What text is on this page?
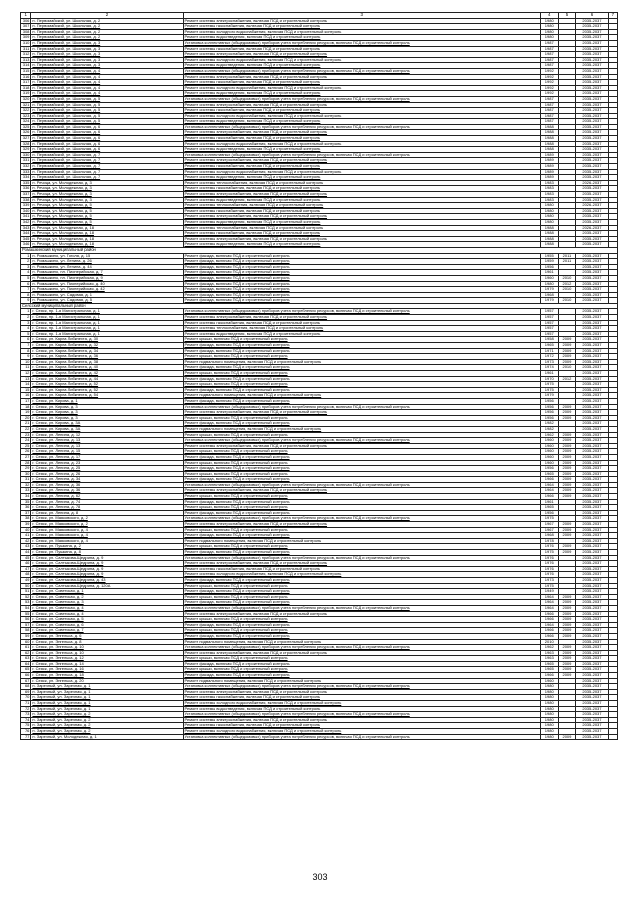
1	2	3	4	5	6	7
306	п. Первомайский, ул. Школьная, д. 2	Ремонт системы электроснабжения, включая ПСД и строительный контроль	1980		2035-2037	
307	п. Первомайский, ул. Школьная, д. 2	Ремонт системы газоснабжения, включая ПСД и строительный контроль	1980		2035-2037	
308	п. Первомайский, ул. Школьная, д. 2	Ремонт системы холодного водоснабжения, включая ПСД и строительный контроль	1980		2035-2037	
309	п. Первомайский, ул. Школьная, д. 2	Ремонт системы водоотведения, включая ПСД и строительный контроль	1980		2035-2037	
310	п. Первомайский, ул. Школьная, д. 3	Установка коллективных (общедомовых) приборов учета потребления ресурсов, включая ПСД и строительный контроль	1987		2035-2037	
311	п. Первомайский, ул. Школьная, д. 3	Ремонт системы газоснабжения, включая ПСД и строительный контроль	1987		2035-2037	
312	п. Первомайский, ул. Школьная, д. 3	Ремонт системы электроснабжения, включая ПСД и строительный контроль	1987		2035-2037	
313	п. Первомайский, ул. Школьная, д. 3	Ремонт системы холодного водоснабжения, включая ПСД и строительный контроль	1987		2035-2037	
314	п. Первомайский, ул. Школьная, д. 3	Ремонт системы водоотведения, включая ПСД и строительный контроль	1987		2035-2037	
315	п. Первомайский, ул. Школьная, д. 4	Установка коллективных (общедомовых) приборов учета потребления ресурсов, включая ПСД и строительный контроль	1992		2035-2037	
316	п. Первомайский, ул. Школьная, д. 4	Ремонт системы электроснабжения, включая ПСД и строительный контроль	1992		2035-2037	
317	п. Первомайский, ул. Школьная, д. 4	Ремонт системы газоснабжения, включая ПСД и строительный контроль	1992		2035-2037	
318	п. Первомайский, ул. Школьная, д. 4	Ремонт системы холодного водоснабжения, включая ПСД и строительный контроль	1992		2035-2037	
319	п. Первомайский, ул. Школьная, д. 4	Ремонт системы водоотведения, включая ПСД и строительный контроль	1992		2035-2037	
320	п. Первомайский, ул. Школьная, д. 5	Установка коллективных (общедомовых) приборов учета потребления ресурсов, включая ПСД и строительный контроль	1987		2035-2037	
321	п. Первомайский, ул. Школьная, д. 5	Ремонт системы электроснабжения, включая ПСД и строительный контроль	1987		2035-2037	
322	п. Первомайский, ул. Школьная, д. 5	Ремонт системы газоснабжения, включая ПСД и строительный контроль	1987		2035-2037	
323	п. Первомайский, ул. Школьная, д. 5	Ремонт системы холодного водоснабжения, включая ПСД и строительный контроль	1987		2035-2037	
324	п. Первомайский, ул. Школьная, д. 5	Ремонт системы водоотведения, включая ПСД и строительный контроль	1987		2035-2037	
325	п. Первомайский, ул. Школьная, д. 6	Установка коллективных (общедомовых) приборов учета потребления ресурсов, включая ПСД и строительный контроль	1988		2035-2037	
326	п. Первомайский, ул. Школьная, д. 6	Ремонт системы электроснабжения, включая ПСД и строительный контроль	1988		2035-2037	
327	п. Первомайский, ул. Школьная, д. 6	Ремонт системы газоснабжения, включая ПСД и строительный контроль	1988		2035-2037	
328	п. Первомайский, ул. Школьная, д. 6	Ремонт системы холодного водоснабжения, включая ПСД и строительный контроль	1988		2035-2037	
329	п. Первомайский, ул. Школьная, д. 6	Ремонт системы водоотведения, включая ПСД и строительный контроль	1988		2035-2037	
330	п. Первомайский, ул. Школьная, д. 7	Установка коллективных (общедомовых) приборов учета потребления ресурсов, включая ПСД и строительный контроль	1989		2035-2037	
331	п. Первомайский, ул. Школьная, д. 7	Ремонт системы электроснабжения, включая ПСД и строительный контроль	1989		2035-2037	
332	п. Первомайский, ул. Школьная, д. 7	Ремонт системы газоснабжения, включая ПСД и строительный контроль	1989		2035-2037	
333	п. Первомайский, ул. Школьная, д. 7	Ремонт системы холодного водоснабжения, включая ПСД и строительный контроль	1989		2035-2037	
334	п. Первомайский, ул. Школьная, д. 7	Ремонт системы водоотведения, включая ПСД и строительный контроль	1989		2035-2037	
335	п. Речица, ул. Молодежная, д. 3	Ремонт системы теплоснабжения, включая ПСД и строительный контроль	1983		2026-2037	
336	п. Речица, ул. Молодежная, д. 3	Ремонт системы газоснабжения, включая ПСД и строительный контроль	1983		2035-2037	
337	п. Речица, ул. Молодежная, д. 3	Ремонт системы электроснабжения, включая ПСД и строительный контроль	1983		2035-2037	
338	п. Речица, ул. Молодежная, д. 3	Ремонт системы водоотведения, включая ПСД и строительный контроль	1983		2035-2037	
339	п. Речица, ул. Молодежная, д. 5	Ремонт системы теплоснабжения, включая ПСД и строительный контроль	1980		2026-2037	
340	п. Речица, ул. Молодежная, д. 5	Ремонт системы газоснабжения, включая ПСД и строительный контроль	1980		2035-2037	
341	п. Речица, ул. Молодежная, д. 5	Ремонт системы электроснабжения, включая ПСД и строительный контроль	1980		2035-2037	
342	п. Речица, ул. Молодежная, д. 5	Ремонт системы водоотведения, включая ПСД и строительный контроль	1980		2035-2037	
343	п. Речица, ул. Молодежная, д. 18	Ремонт системы теплоснабжения, включая ПСД и строительный контроль	1988		2026-2037	
344	п. Речица, ул. Молодежная, д. 18	Ремонт системы газоснабжения, включая ПСД и строительный контроль	1988		2035-2037	
345	п. Речица, ул. Молодежная, д. 18	Ремонт системы электроснабжения, включая ПСД и строительный контроль	1988		2035-2037	
346	п. Речица, ул. Молодежная, д. 18	Ремонт системы водоотведения, включая ПСД и строительный контроль	1988		2035-2037	
Ромашкинский муниципальный район						
1	п. Ромашкино, ул. Гоголя, д. 15	Ремонт фасада, включая ПСД и строительный контроль	1955	2011	2035-2037	
2	п. Ромашкино, ул. Ленина, д. 26	Ремонт фасада, включая ПСД и строительный контроль	1959	2011	2035-2037	
3	п. Ромашкино, ул. Ленина, д. 44	Ремонт фасада, включая ПСД и строительный контроль	1956		2035-2037	
4	п. Ромашкино, пл. Пионерийская, д. 7	Ремонт фасада, включая ПСД и строительный контроль	1961		2035-2037	
5	п. Ромашкино, пл. Пионерийская, д. 9	Ремонт фасада, включая ПСД и строительный контроль	1960	2010	2035-2037	
6	п. Ромашкино, ул. Пионерийская, д. 40	Ремонт фасада, включая ПСД и строительный контроль	1980	2012	2035-2037	
7	п. Ромашкино, ул. Пионерийская, д. 42	Ремонт фасада, включая ПСД и строительный контроль	1979	2010	2035-2037	
8	п. Ромашкино, ул. Садовая, д. 1	Ремонт фасада, включая ПСД и строительный контроль	1968		2035-2037	
9	п. Ромашкино, ул. Садовая, д. 5	Ремонт фасада, включая ПСД и строительный контроль	1979	2010	2035-2037	
Сеясский муниципальный район						
1	г. Сеяск, пр. 1-я Магистральная, д. 1	Установка коллективных (общедомовых) приборов учета потребления ресурсов, включая ПСД и строительный контроль	1957		2035-2037	
2	г. Сеяск, пр. 1-я Магистральная, д. 1	Ремонт системы электроснабжения, включая ПСД и строительный контроль	1957		2035-2037	
3	г. Сеяск, пр. 1-я Магистральная, д. 1	Ремонт системы газоснабжения, включая ПСД и строительный контроль	1957		2035-2037	
4	г. Сеяск, пр. 1-я Магистральная, д. 1	Ремонт системы теплоснабжения, включая ПСД и строительный контроль	1957		2035-2037	
5	г. Сеяск, пр. 1-я Магистральная, д. 1	Ремонт системы водоотведения, включая ПСД и строительный контроль	1957		2035-2037	
6	г. Сеяск, ул. Карла Либкнехта, д. 30	Ремонт крыши, включая ПСД и строительный контроль	1958	2009	2035-2037	
7	г. Сеяск, ул. Карла Либкнехта, д. 32	Ремонт фасада, включая ПСД и строительный контроль	1965	2009	2035-2037	
8	г. Сеяск, ул. Карла Либкнехта, д. 34	Ремонт фасада, включая ПСД и строительный контроль	1971	2009	2035-2037	
9	г. Сеяск, ул. Карла Либкнехта, д. 36	Ремонт крыши, включая ПСД и строительный контроль	1972	2009	2035-2037	
10	г. Сеяск, ул. Карла Либкнехта, д. 38	Ремонт подвального помещения, включая ПСД и строительный контроль	1973	2009	2035-2037	
11	г. Сеяск, ул. Карла Либкнехта, д. 40	Ремонт фасада, включая ПСД и строительный контроль	1974	2010	2035-2037	
12	г. Сеяск, ул. Карла Либкнехта, д. 42	Ремонт крыши, включая ПСД и строительный контроль	1961		2035-2037	
13	г. Сеяск, ул. Карла Либкнехта, д. 44	Ремонт фасада, включая ПСД и строительный контроль	1970	2012	2035-2037	
14	г. Сеяск, ул. Карла Либкнехта, д. 52	Ремонт крыши, включая ПСД и строительный контроль	1975		2035-2037	
15	г. Сеяск, ул. Карла Либкнехта, д. 52	Ремонт фасада, включая ПСД и строительный контроль	1975		2035-2037	
16	г. Сеяск, ул. Карла Либкнехта, д. 54	Ремонт подвального помещения, включая ПСД и строительный контроль	1979		2035-2037	
17	г. Сеяск, ул. Кирова, д. 1	Ремонт фасада, включая ПСД и строительный контроль	1956		2035-2037	
18	г. Сеяск, ул. Кирова, д. 3	Установка коллективных (общедомовых) приборов учета потребления ресурсов, включая ПСД и строительный контроль	1956	2009	2035-2037	
19	г. Сеяск, ул. Кирова, д. 3	Ремонт системы электроснабжения, включая ПСД и строительный контроль	1956	2009	2035-2037	
20	г. Сеяск, ул. Кирова, д. 3	Ремонт крыши, включая ПСД и строительный контроль	1956	2009	2035-2037	
21	г. Сеяск, ул. Кирова, д. 3А	Ремонт фасада, включая ПСД и строительный контроль	1982		2035-2037	
22	г. Сеяск, ул. Кирова, д. 3А	Ремонт подвального помещения, включая ПСД и строительный контроль	1982		2035-2037	
23	г. Сеяск, ул. Ленина, д. 12	Ремонт крыши, включая ПСД и строительный контроль	1962	2009	2035-2037	
24	г. Сеяск, ул. Ленина, д. 13	Установка коллективных (общедомовых) приборов учета потребления ресурсов, включая ПСД и строительный контроль	1960	2009	2035-2037	
25	г. Сеяск, ул. Ленина, д. 13	Ремонт системы электроснабжения, включая ПСД и строительный контроль	1960	2009	2035-2037	
26	г. Сеяск, ул. Ленина, д. 15	Ремонт крыши, включая ПСД и строительный контроль	1960	2009	2035-2037	
27	г. Сеяск, ул. Ленина, д. 17	Ремонт фасада, включая ПСД и строительный контроль	1960	2009	2035-2037	
28	г. Сеяск, ул. Ленина, д. 23	Ремонт крыши, включая ПСД и строительный контроль	1960	2009	2035-2037	
29	г. Сеяск, ул. Ленина, д. 25	Ремонт фасада, включая ПСД и строительный контроль	1956	2009	2035-2037	
30	г. Сеяск, ул. Ленина, д. 26	Ремонт крыши, включая ПСД и строительный контроль	1965	2009	2035-2037	
31	г. Сеяск, ул. Ленина, д. 34	Ремонт фасада, включая ПСД и строительный контроль	1966	2009	2035-2037	
32	г. Сеяск, ул. Ленина, д. 36	Установка коллективных (общедомовых) приборов учета потребления ресурсов, включая ПСД и строительный контроль	1964	2009	2035-2037	
33	г. Сеяск, ул. Ленина, д. 36	Ремонт системы электроснабжения, включая ПСД и строительный контроль	1964	2009	2035-2037	
34	г. Сеяск, ул. Ленина, д. 62	Ремонт крыши, включая ПСД и строительный контроль	1966	2009	2035-2037	
35	г. Сеяск, ул. Ленина, д. 74	Ремонт фасада, включая ПСД и строительный контроль	1961		2035-2037	
36	г. Сеяск, ул. Ленина, д. 78	Ремонт крыши, включая ПСД и строительный контроль	1965		2035-2037	
37	г. Сеяск, ул. Ленина, д. 8	Ремонт фасада, включая ПСД и строительный контроль	1956		2035-2037	
38	г. Сеяск, ул. Маяковского, д. 2	Установка коллективных (общедомовых) приборов учета потребления ресурсов, включая ПСД и строительный контроль	1975		2035-2037	
39	г. Сеяск, ул. Маяковского, д. 2	Ремонт системы электроснабжения, включая ПСД и строительный контроль	1967	2009	2035-2037	
40	г. Сеяск, ул. Маяковского, д. 4	Ремонт крыши, включая ПСД и строительный контроль	1967	2009	2035-2037	
41	г. Сеяск, ул. Маяковского, д. 4	Ремонт фасада, включая ПСД и строительный контроль	1968	2009	2035-2037	
42	г. Сеяск, ул. Маяковского, д. 4	Ремонт подвального помещения, включая ПСД и строительный контроль	1978		2035-2037	
43	г. Сеяск, ул. Пушкина, д. 2	Ремонт крыши, включая ПСД и строительный контроль	1976	2009	2035-2037	
44	г. Сеяск, ул. Пушкина, д. 8	Ремонт фасада, включая ПСД и строительный контроль	1975	2009	2035-2037	
45	г. Сеяск, ул. Салтыкова-Щедрина, д. 9	Установка коллективных (общедомовых) приборов учета потребления ресурсов, включая ПСД и строительный контроль	1976		2035-2037	
46	г. Сеяск, ул. Салтыкова-Щедрина, д. 9	Ремонт системы электроснабжения, включая ПСД и строительный контроль	1976		2035-2037	
47	г. Сеяск, ул. Салтыкова-Щедрина, д. 9	Ремонт системы газоснабжения, включая ПСД и строительный контроль	1976		2035-2037	
48	г. Сеяск, ул. Салтыкова-Щедрина, д. 9	Ремонт системы холодного водоснабжения, включая ПСД и строительный контроль	1976		2035-2037	
49	г. Сеяск, ул. Салтыкова-Щедрина, д. 43	Ремонт фасада, включая ПСД и строительный контроль	1973		2035-2037	
50	г. Сеяск, ул. Салтыкова-Щедрина, д. 120А	Ремонт крыши, включая ПСД и строительный контроль	1975		2035-2037	
51	г. Сеяск, ул. Советская, д. 1	Ремонт фасада, включая ПСД и строительный контроль	1949		2035-2037	
52	г. Сеяск, ул. Советская, д. 2	Ремонт крыши, включая ПСД и строительный контроль	1964	2009	2035-2037	
53	г. Сеяск, ул. Советская, д. 3	Ремонт фасада, включая ПСД и строительный контроль	1964	2009	2035-2037	
54	г. Сеяск, ул. Советская, д. 4	Установка коллективных (общедомовых) приборов учета потребления ресурсов, включая ПСД и строительный контроль	1964	2009	2035-2037	
55	г. Сеяск, ул. Советская, д. 4	Ремонт системы электроснабжения, включая ПСД и строительный контроль	1966	2009	2035-2037	
56	г. Сеяск, ул. Советская, д. 5	Ремонт крыши, включая ПСД и строительный контроль	1966	2009	2035-2037	
57	г. Сеяск, ул. Советская, д. 6	Ремонт фасада, включая ПСД и строительный контроль	1964	2009	2035-2037	
58	г. Сеяск, ул. Советская, д. 7	Ремонт крыши, включая ПСД и строительный контроль	1966	2009	2035-2037	
59	г. Сеяск, ул. Энгельса, д. 6	Ремонт фасада, включая ПСД и строительный контроль	1966	2009	2035-2037	
60	г. Сеяск, ул. Энгельса, д. 8	Ремонт подвального помещения, включая ПСД и строительный контроль	2010		2035-2037	
61	г. Сеяск, ул. Энгельса, д. 10	Установка коллективных (общедомовых) приборов учета потребления ресурсов, включая ПСД и строительный контроль	1962	2009	2035-2037	
62	г. Сеяск, ул. Энгельса, д. 10	Ремонт системы электроснабжения, включая ПСД и строительный контроль	1963	2009	2035-2037	
63	г. Сеяск, ул. Энгельса, д. 12	Ремонт крыши, включая ПСД и строительный контроль	1963	2009	2035-2037	
64	г. Сеяск, ул. Энгельса, д. 14	Ремонт фасада, включая ПСД и строительный контроль	1965	2009	2035-2037	
65	г. Сеяск, ул. Энгельса, д. 16	Ремонт крыши, включая ПСД и строительный контроль	1965	2009	2035-2037	
66	г. Сеяск, ул. Энгельса, д. 18	Ремонт фасада, включая ПСД и строительный контроль	1966	2009	2035-2037	
67	г. Сеяск, ул. Энгельса, д. 20	Ремонт подвального помещения, включая ПСД и строительный контроль	1960		2035-2037	
68	п. Заречный, ул. Заречная, д. 1	Установка коллективных (общедомовых) приборов учета потребления ресурсов, включая ПСД и строительный контроль	1980		2035-2037	
69	п. Заречный, ул. Заречная, д. 1	Ремонт системы электроснабжения, включая ПСД и строительный контроль	1980		2035-2037	
70	п. Заречный, ул. Заречная, д. 1	Ремонт системы газоснабжения, включая ПСД и строительный контроль	1980		2035-2037	
71	п. Заречный, ул. Заречная, д. 1	Ремонт системы холодного водоснабжения, включая ПСД и строительный контроль	1980		2035-2037	
72	п. Заречный, ул. Заречная, д. 1	Ремонт системы водоотведения, включая ПСД и строительный контроль	1980		2035-2037	
73	п. Заречный, ул. Заречная, д. 2	Установка коллективных (общедомовых) приборов учета потребления ресурсов, включая ПСД и строительный контроль	1980		2035-2037	
74	п. Заречный, ул. Заречная, д. 2	Ремонт системы электроснабжения, включая ПСД и строительный контроль	1980		2035-2037	
75	п. Заречный, ул. Заречная, д. 2	Ремонт системы газоснабжения, включая ПСД и строительный контроль	1980		2035-2037	
76	п. Заречный, ул. Заречная, д. 2	Ремонт системы холодного водоснабжения, включая ПСД и строительный контроль	1980		2035-2037	
77	п. Заречный, ул. Молодежная, д. 1	Установка коллективных (общедомовых) приборов учета потребления ресурсов, включая ПСД и строительный контроль	1980	2009	2035-2037	
303
